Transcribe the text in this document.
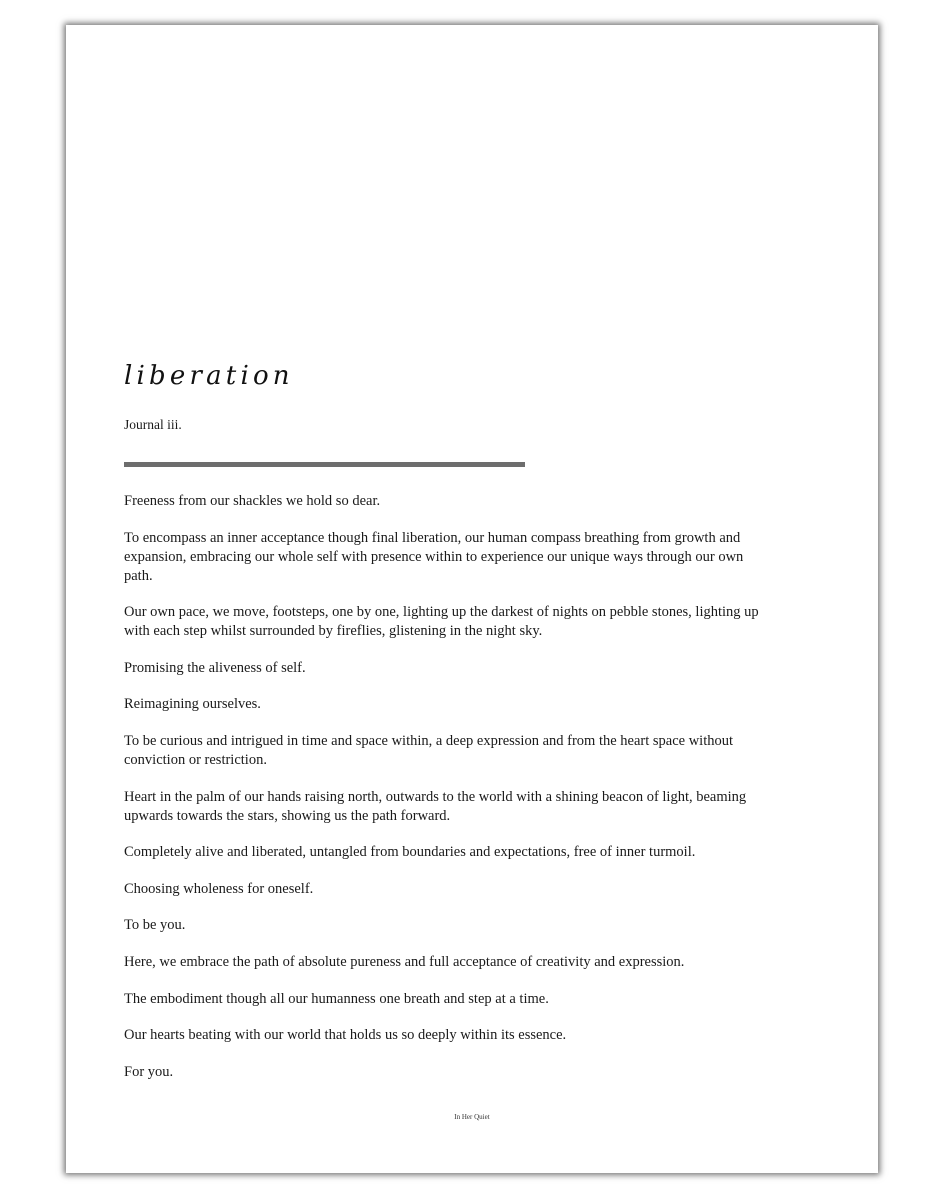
liberation
Journal iii.

Freeness from our shackles we hold so dear.

To encompass an inner acceptance though final liberation, our human compass breathing from growth and expansion, embracing our whole self with presence within to experience our unique ways through our own path.

Our own pace, we move, footsteps, one by one, lighting up the darkest of nights on pebble stones, lighting up with each step whilst surrounded by fireflies, glistening in the night sky.

Promising the aliveness of self.

Reimagining ourselves.

To be curious and intrigued in time and space within, a deep expression and from the heart space without conviction or restriction.

Heart in the palm of our hands raising north, outwards to the world with a shining beacon of light, beaming upwards towards the stars, showing us the path forward.

Completely alive and liberated, untangled from boundaries and expectations, free of inner turmoil.

Choosing wholeness for oneself.

To be you.

Here, we embrace the path of absolute pureness and full acceptance of creativity and expression.

The embodiment though all our humanness one breath and step at a time.

Our hearts beating with our world that holds us so deeply within its essence.

For you.

In Her Quiet
